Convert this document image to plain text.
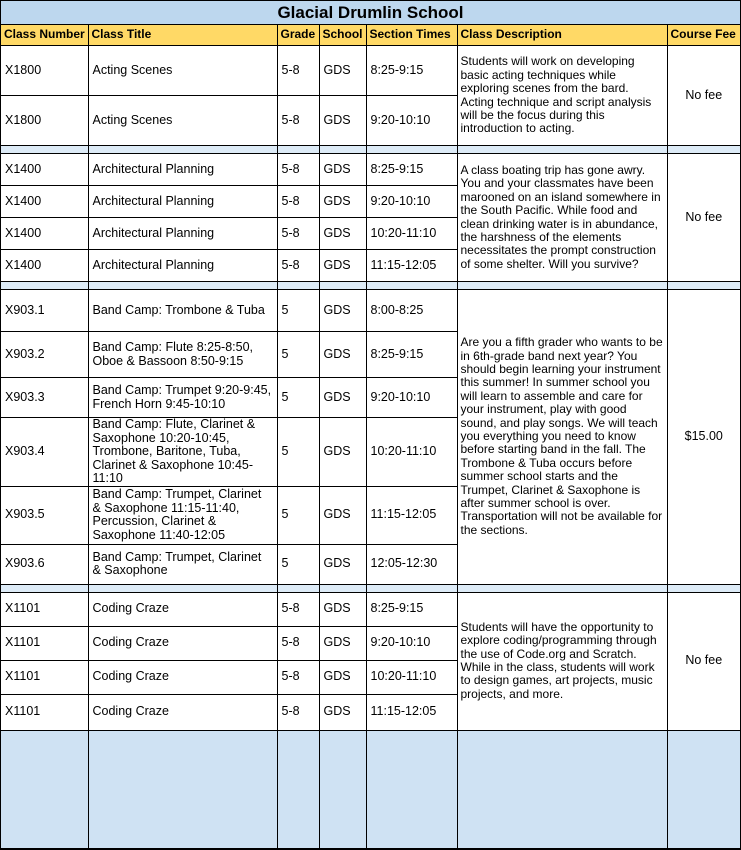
Glacial Drumlin School
Class Number	Class Title	Grade	School	Section Times	Class Description	Course Fee
X1800	Acting Scenes	5-8	GDS	8:25-9:15	Students will work on developing basic acting techniques while exploring scenes from the bard. Acting technique and script analysis will be the focus during this introduction to acting.	No fee
X1800	Acting Scenes	5-8	GDS	9:20-10:10		

X1400	Architectural Planning	5-8	GDS	8:25-9:15	A class boating trip has gone awry. You and your classmates have been marooned on an island somewhere in the South Pacific. While food and clean drinking water is in abundance, the harshness of the elements necessitates the prompt construction of some shelter. Will you survive?	No fee
X1400	Architectural Planning	5-8	GDS	9:20-10:10		
X1400	Architectural Planning	5-8	GDS	10:20-11:10		
X1400	Architectural Planning	5-8	GDS	11:15-12:05		

X903.1	Band Camp: Trombone & Tuba	5	GDS	8:00-8:25	Are you a fifth grader who wants to be in 6th-grade band next year? You should begin learning your instrument this summer! In summer school you will learn to assemble and care for your instrument, play with good sound, and play songs. We will teach you everything you need to know before starting band in the fall. The Trombone & Tuba occurs before summer school starts and the Trumpet, Clarinet & Saxophone is after summer school is over. Transportation will not be available for the sections.	$15.00
X903.2	Band Camp: Flute 8:25-8:50, Oboe & Bassoon 8:50-9:15	5	GDS	8:25-9:15		
X903.3	Band Camp: Trumpet 9:20-9:45, French Horn 9:45-10:10	5	GDS	9:20-10:10		
X903.4	Band Camp: Flute, Clarinet & Saxophone 10:20-10:45, Trombone, Baritone, Tuba, Clarinet & Saxophone 10:45-11:10	5	GDS	10:20-11:10		
X903.5	Band Camp: Trumpet, Clarinet & Saxophone 11:15-11:40, Percussion, Clarinet & Saxophone 11:40-12:05	5	GDS	11:15-12:05		
X903.6	Band Camp: Trumpet, Clarinet & Saxophone	5	GDS	12:05-12:30		

X1101	Coding Craze	5-8	GDS	8:25-9:15	Students will have the opportunity to explore coding/programming through the use of Code.org and Scratch. While in the class, students will work to design games, art projects, music projects, and more.	No fee
X1101	Coding Craze	5-8	GDS	9:20-10:10		
X1101	Coding Craze	5-8	GDS	10:20-11:10		
X1101	Coding Craze	5-8	GDS	11:15-12:05		
